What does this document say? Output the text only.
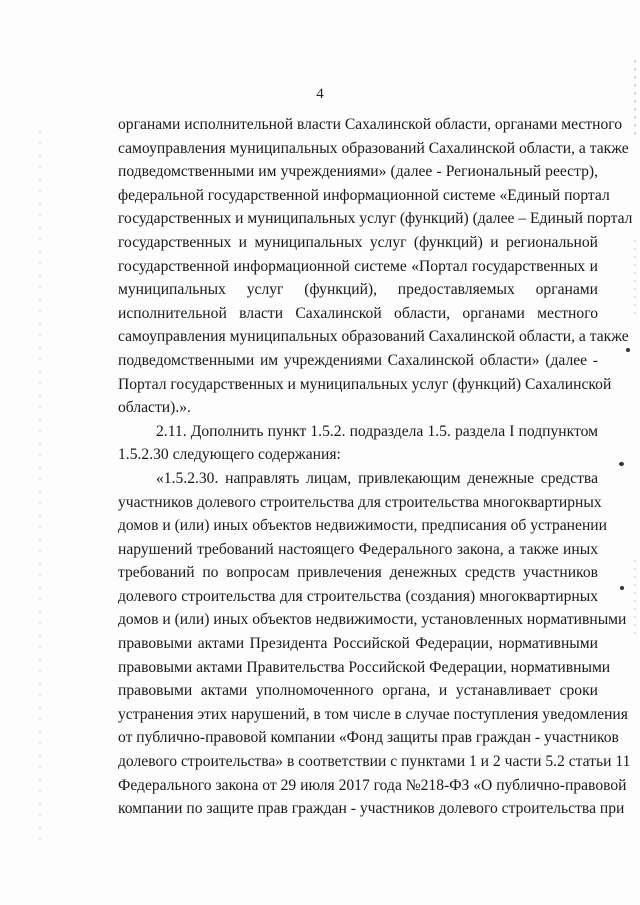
4
органами исполнительной власти Сахалинской области, органами местного
самоуправления муниципальных образований Сахалинской области, а также
подведомственными им учреждениями» (далее - Региональный реестр),
федеральной государственной информационной системе «Единый портал
государственных и муниципальных услуг (функций) (далее – Единый портал
государственных и муниципальных услуг (функций) и региональной
государственной информационной системе «Портал государственных и
муниципальных услуг (функций), предоставляемых органами
исполнительной власти Сахалинской области, органами местного
самоуправления муниципальных образований Сахалинской области, а также
подведомственными им учреждениями Сахалинской области» (далее -
Портал государственных и муниципальных услуг (функций) Сахалинской
области).».
2.11. Дополнить пункт 1.5.2. подраздела 1.5. раздела I подпунктом
1.5.2.30 следующего содержания:
«1.5.2.30. направлять лицам, привлекающим денежные средства
участников долевого строительства для строительства многоквартирных
домов и (или) иных объектов недвижимости, предписания об устранении
нарушений требований настоящего Федерального закона, а также иных
требований по вопросам привлечения денежных средств участников
долевого строительства для строительства (создания) многоквартирных
домов и (или) иных объектов недвижимости, установленных нормативными
правовыми актами Президента Российской Федерации, нормативными
правовыми актами Правительства Российской Федерации, нормативными
правовыми актами уполномоченного органа, и устанавливает сроки
устранения этих нарушений, в том числе в случае поступления уведомления
от публично-правовой компании «Фонд защиты прав граждан - участников
долевого строительства» в соответствии с пунктами 1 и 2 части 5.2 статьи 11
Федерального закона от 29 июля 2017 года №218-ФЗ «О публично-правовой
компании по защите прав граждан - участников долевого строительства при
